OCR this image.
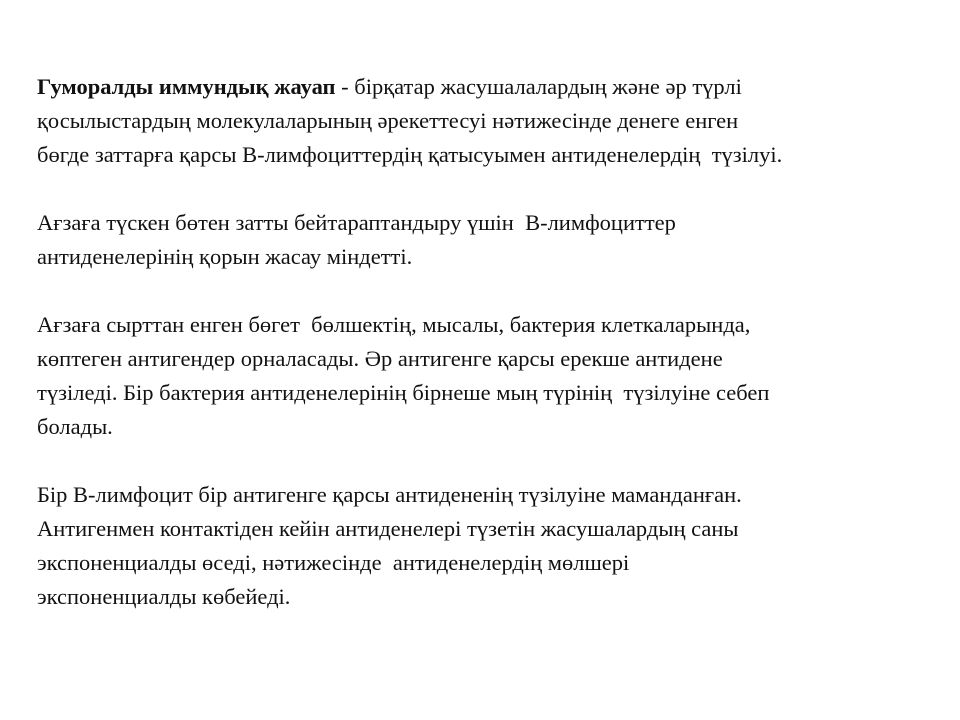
Гуморалды иммундық жауап - бірқатар жасушалалардың және әр түрлі
қосылыстардың молекулаларының әрекеттесуі нәтижесінде денеге енген
бөгде заттарға қарсы В-лимфоциттердің қатысуымен антиденелердің  түзілуі.

Ағзаға түскен бөтен затты бейтараптандыру үшін  В-лимфоциттер
антиденелерінің қорын жасау міндетті.

Ағзаға сырттан енген бөгет  бөлшектің, мысалы, бактерия клеткаларында,
көптеген антигендер орналасады. Әр антигенге қарсы ерекше антидене
түзіледі. Бір бактерия антиденелерінің бірнеше мың түрінің  түзілуіне себеп
болады.

Бір В-лимфоцит бір антигенге қарсы антидененің түзілуіне маманданған.
Антигенмен контактіден кейін антиденелері түзетін жасушалардың саны
экспоненциалды өседі, нәтижесінде  антиденелердің мөлшері
экспоненциалды көбейеді.
